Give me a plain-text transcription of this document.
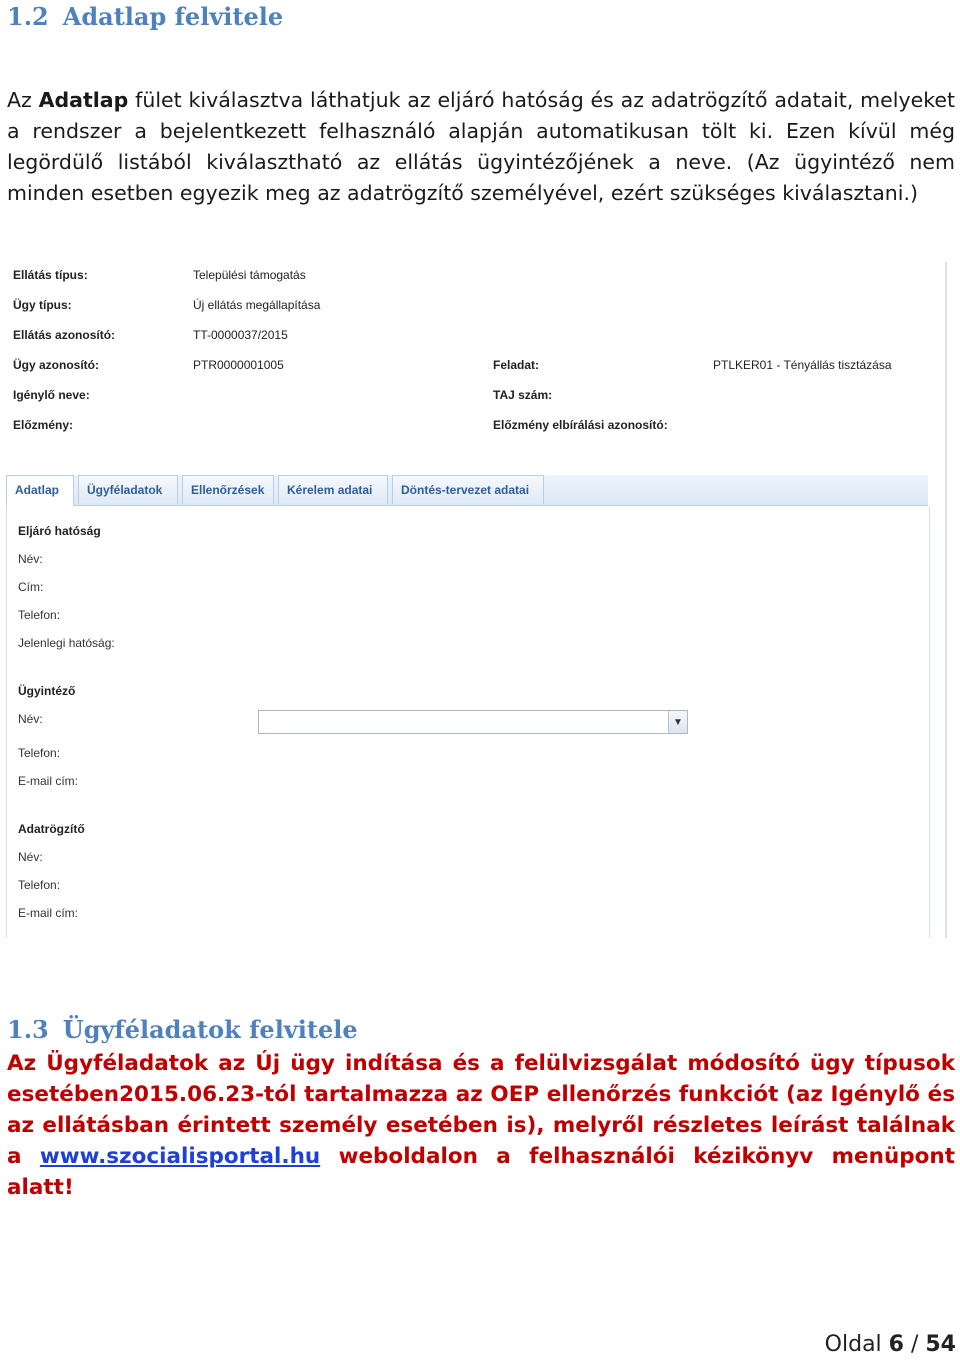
1.2 Adatlap felvitele

Az Adatlap fület kiválasztva láthatjuk az eljáró hatóság és az adatrögzítő adatait, melyeket a rendszer a bejelentkezett felhasználó alapján automatikusan tölt ki. Ezen kívül még legördülő listából kiválasztható az ellátás ügyintézőjének a neve. (Az ügyintéző nem minden esetben egyezik meg az adatrögzítő személyével, ezért szükséges kiválasztani.)

Ellátás típus:	Települési támogatás
Ügy típus:	Új ellátás megállapítása
Ellátás azonosító:	TT-0000037/2015
Ügy azonosító:	PTR0000001005	Feladat:	PTLKER01 - Tényállás tisztázása
Igénylő neve:	TAJ szám:
Előzmény:	Előzmény elbírálási azonosító:
Adatlap	Ügyféladatok	Ellenőrzések	Kérelem adatai	Döntés-tervezet adatai
Eljáró hatóság
Név:
Cím:
Telefon:
Jelenlegi hatóság:
Ügyintéző
Név:	▼
Telefon:
E-mail cím:
Adatrögzítő
Név:
Telefon:
E-mail cím:
1.3 Ügyféladatok felvitele

Az Ügyféladatok az Új ügy indítása és a felülvizsgálat módosító ügy típusok esetében2015.06.23-tól tartalmazza az OEP ellenőrzés funkciót (az Igénylő és az ellátásban érintett személy esetében is), melyről részletes leírást találnak a www.szocialisportal.hu weboldalon a felhasználói kézikönyv menüpont alatt!

Oldal 6 / 54
